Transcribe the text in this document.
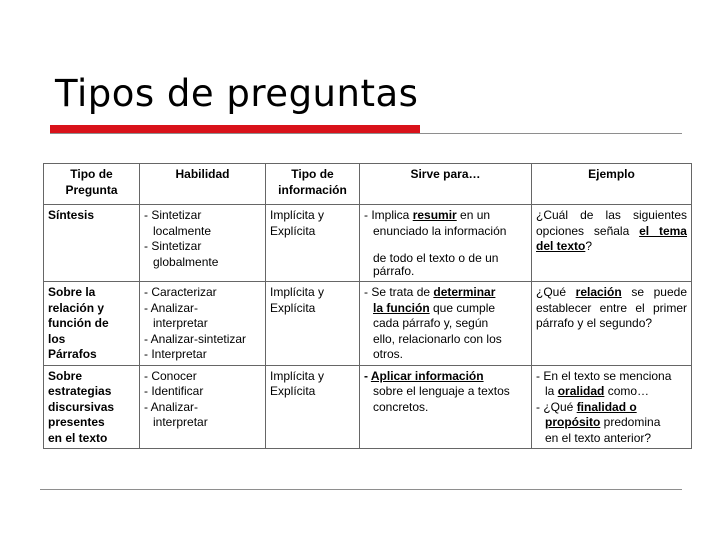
Tipos de preguntas
Tipo de Pregunta	Habilidad	Tipo de información	Sirve para…	Ejemplo
Síntesis	- Sintetizar
localmente
- Sintetizar
globalmente	Implícita y
Explícita	- Implica resumir en un
enunciado la información
de todo el texto o de un
párrafo.	¿Cuál de las siguientes opciones señala el tema del texto?

Sobre la
relación y
función de
los
Párrafos	- Caracterizar
- Analizar-
interpretar
- Analizar-sintetizar
- Interpretar	Implícita y
Explícita	- Se trata de determinar
la función que cumple
cada párrafo y, según
ello, relacionarlo con los
otros.	¿Qué relación se puede establecer entre el primer párrafo y el segundo?

Sobre
estrategias
discursivas
presentes
en el texto	- Conocer
- Identificar
- Analizar-
interpretar	Implícita y
Explícita	- Aplicar información
sobre el lenguaje a textos
concretos.	- En el texto se menciona
la oralidad como…
- ¿Qué finalidad o
propósito predomina
en el texto anterior?
